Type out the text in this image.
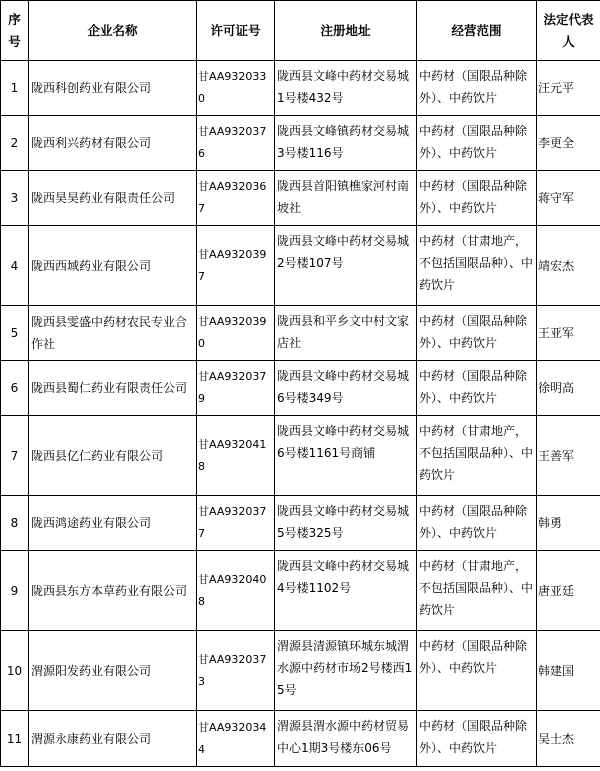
序号	企业名称	许可证号	注册地址	经营范围	法定代表人
1	陇西科创药业有限公司	甘AA9320330	陇西县文峰中药材交易城1号楼432号	中药材（国限品种除外）、中药饮片	汪元平
2	陇西利兴药材有限公司	甘AA9320376	陇西县文峰镇药材交易城3号楼116号	中药材（国限品种除外）、中药饮片	李更全
3	陇西昊昊药业有限责任公司	甘AA9320367	陇西县首阳镇樵家河村南坡社	中药材（国限品种除外）、中药饮片	蒋守军
4	陇西西域药业有限公司	甘AA9320397	陇西县文峰中药材交易城2号楼107号	中药材（甘肃地产，不包括国限品种）、中药饮片	靖宏杰
5	陇西县雯盛中药材农民专业合作社	甘AA9320390	陇西县和平乡文中村文家店社	中药材（国限品种除外）、中药饮片	王亚军
6	陇西县蜀仁药业有限责任公司	甘AA9320379	陇西县文峰中药材交易城6号楼349号	中药材（国限品种除外）、中药饮片	徐明高
7	陇西县亿仁药业有限公司	甘AA9320418	陇西县文峰中药材交易城6号楼1161号商铺	中药材（甘肃地产，不包括国限品种）、中药饮片	王善军
8	陇西鸿途药业有限公司	甘AA9320377	陇西县文峰中药材交易城5号楼325号	中药材（国限品种除外）、中药饮片	韩勇
9	陇西县东方本草药业有限公司	甘AA9320408	陇西县文峰中药材交易城4号楼1102号	中药材（甘肃地产，不包括国限品种）、中药饮片	唐亚廷
10	渭源阳发药业有限公司	甘AA9320373	渭源县清源镇环城东城渭水源中药材市场2号楼西15号	中药材（国限品种除外）、中药饮片	韩建国
11	渭源永康药业有限公司	甘AA9320344	渭源县渭水源中药材贸易中心1期3号楼东06号	中药材（国限品种除外）、中药饮片	吴士杰
